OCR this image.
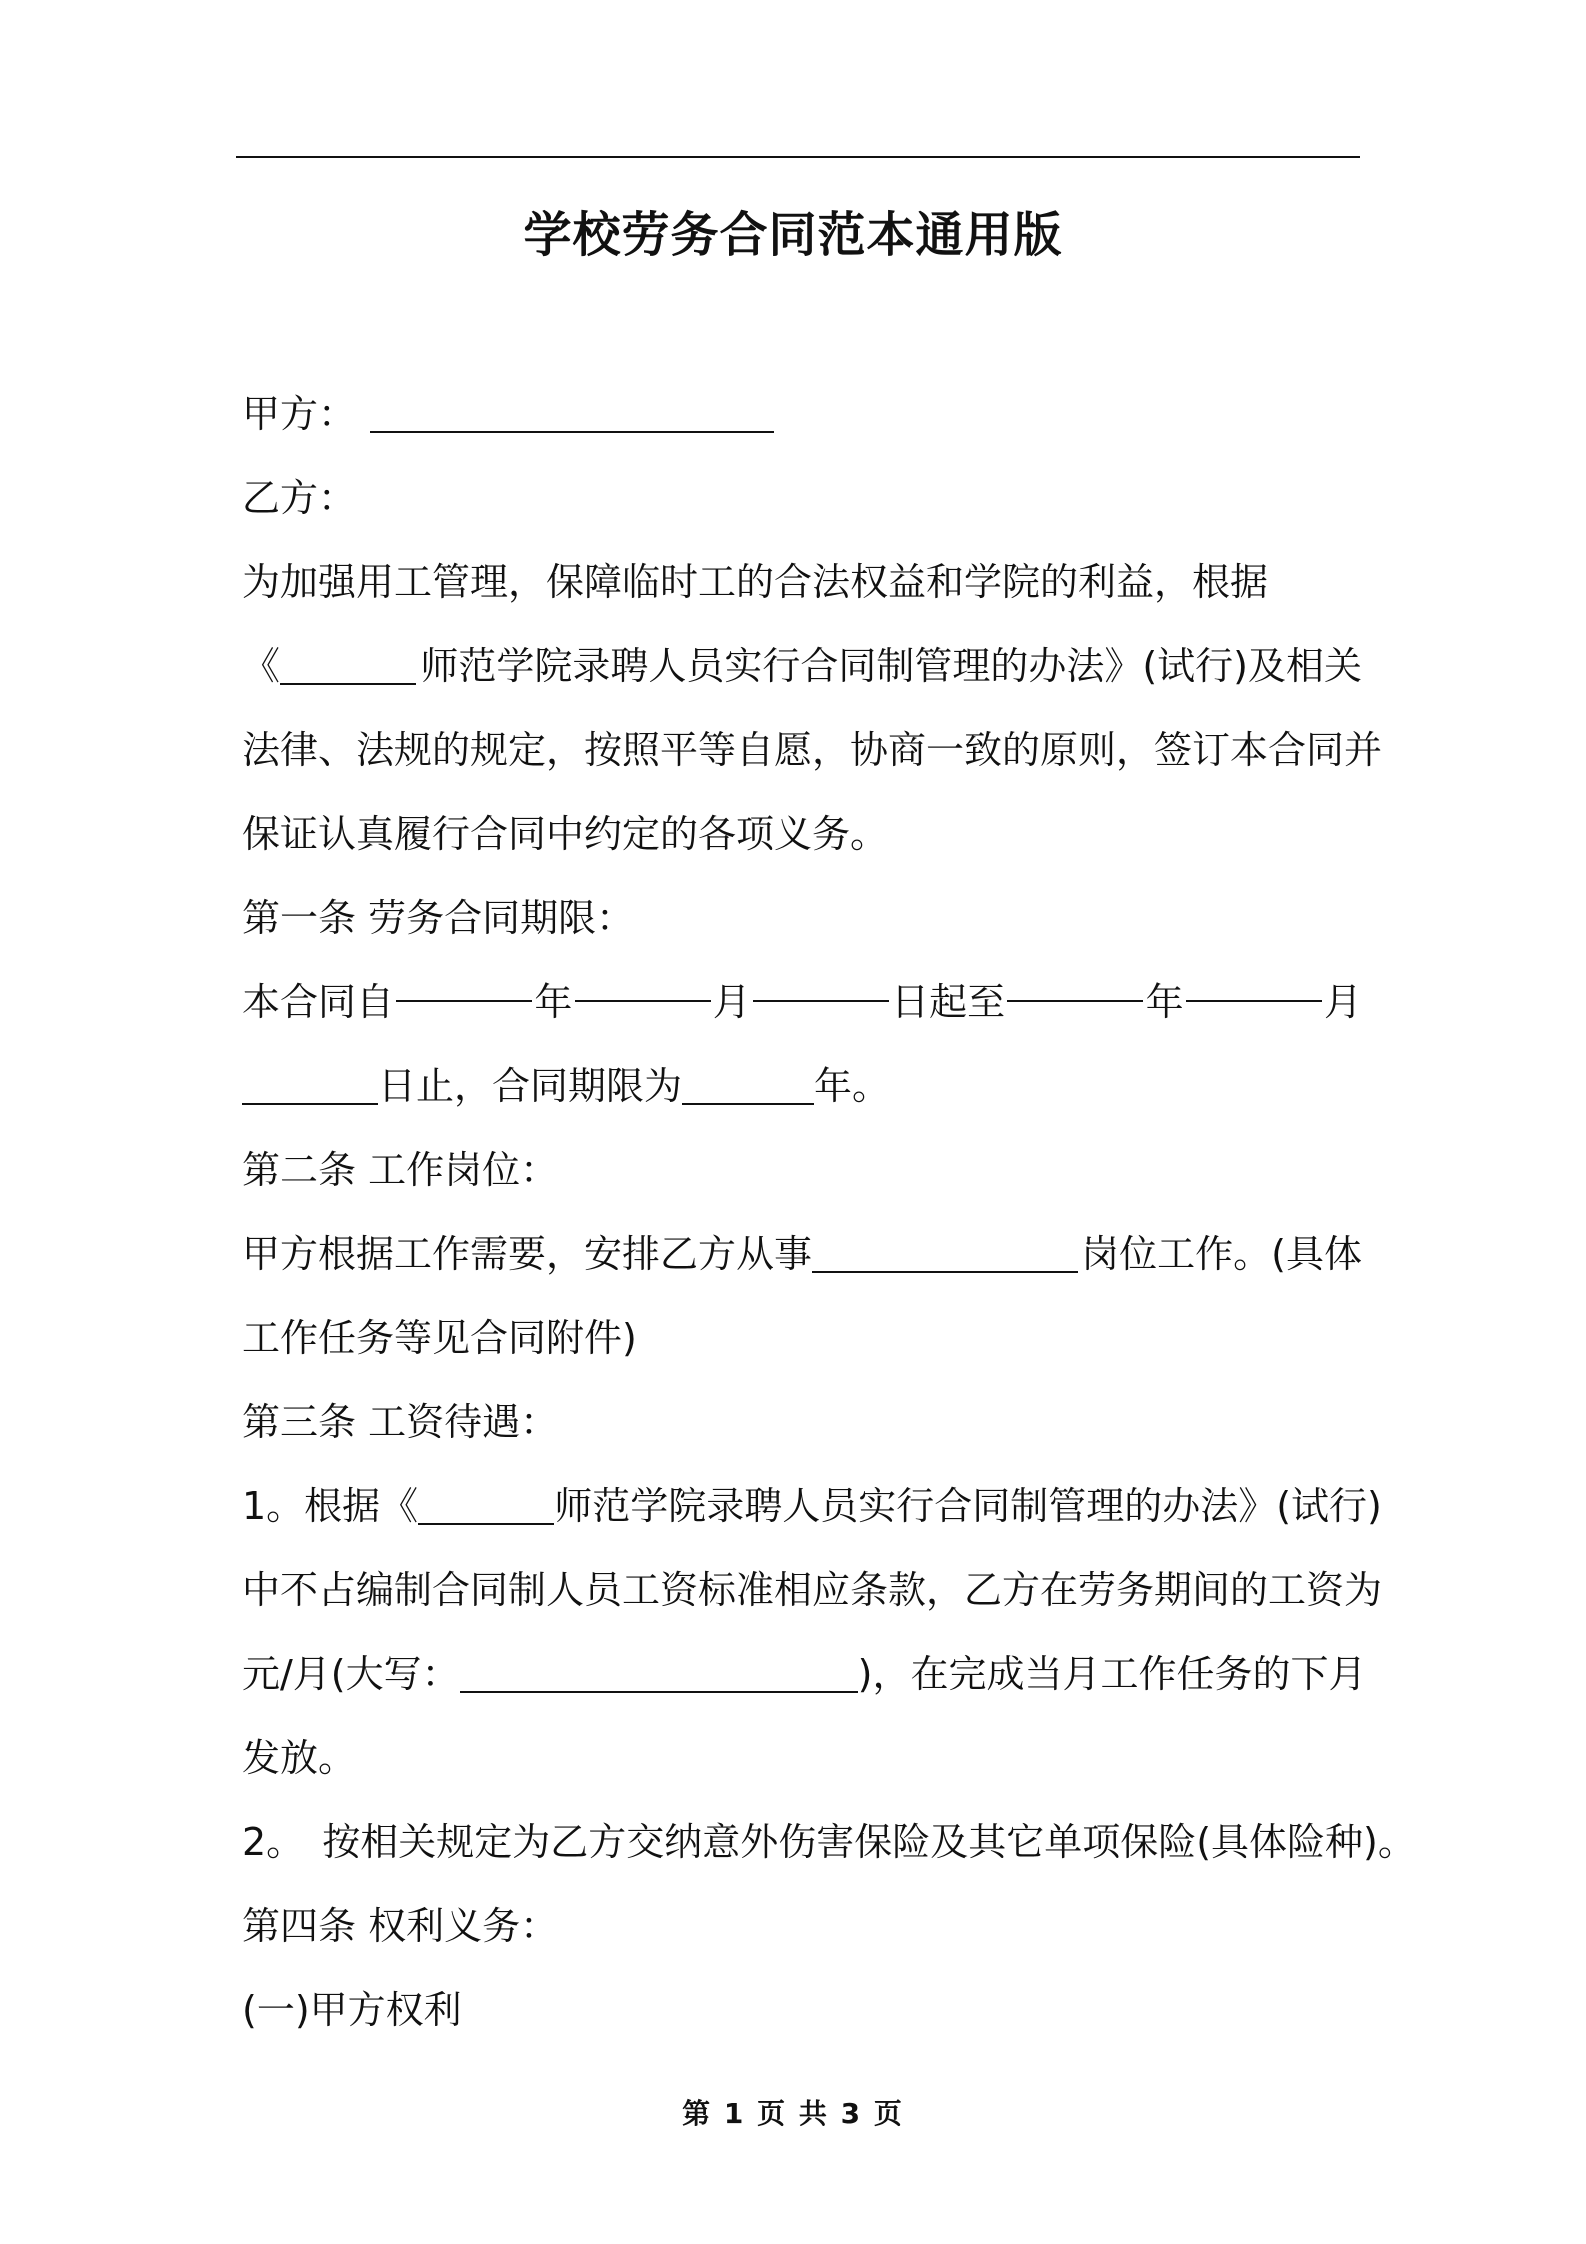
学校劳务合同范本通用版
甲方：
乙方：
为加强用工管理，保障临时工的合法权益和学院的利益，根据
《	师范学院录聘人员实行合同制管理的办法》(试行)及相关
法律、法规的规定，按照平等自愿，协商一致的原则，签订本合同并
保证认真履行合同中约定的各项义务。
第一条 劳务合同期限：
本合同自	年	月	日起至	年	月
日止，合同期限为	年。
第二条 工作岗位：
甲方根据工作需要，安排乙方从事	岗位工作。(具体
工作任务等见合同附件)
第三条 工资待遇：
1。根据《	师范学院录聘人员实行合同制管理的办法》(试行)
中不占编制合同制人员工资标准相应条款，乙方在劳务期间的工资为
元/月(大写：	)，在完成当月工作任务的下月
发放。
2。 按相关规定为乙方交纳意外伤害保险及其它单项保险(具体险种)。
第四条 权利义务：
(一)甲方权利
第 1 页 共 3 页
